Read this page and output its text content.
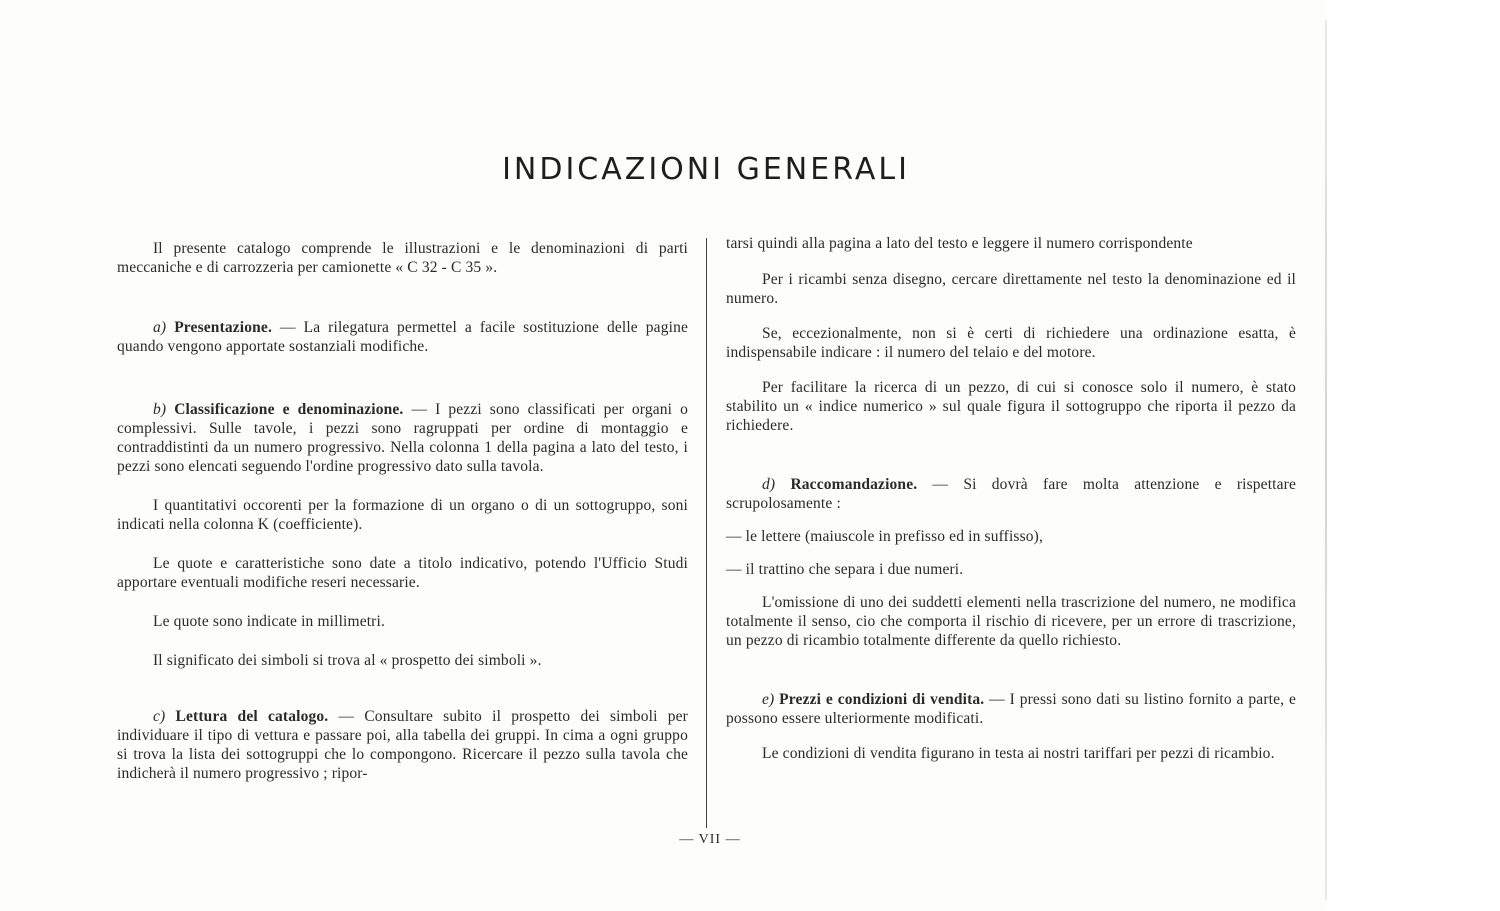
INDICAZIONI GENERALI

Il presente catalogo comprende le illustrazioni e le denominazioni di parti meccaniche e di carrozzeria per camionette « C 32 - C 35 ».

a) Presentazione. — La rilegatura permettel a facile sostituzione delle pagine quando vengono apportate sostanziali modifiche.

b) Classificazione e denominazione. — I pezzi sono classificati per organi o complessivi. Sulle tavole, i pezzi sono ragruppati per ordine di montaggio e contraddistinti da un numero progressivo. Nella colonna 1 della pagina a lato del testo, i pezzi sono elencati seguendo l'ordine progressivo dato sulla tavola.

I quantitativi occorenti per la formazione di un organo o di un sottogruppo, soni indicati nella colonna K (coefficiente).

Le quote e caratteristiche sono date a titolo indicativo, potendo l'Ufficio Studi apportare eventuali modifiche reseri necessarie.

Le quote sono indicate in millimetri.

Il significato dei simboli si trova al « prospetto dei simboli ».

c) Lettura del catalogo. — Consultare subito il prospetto dei simboli per individuare il tipo di vettura e passare poi, alla tabella dei gruppi. In cima a ogni gruppo si trova la lista dei sottogruppi che lo compongono. Ricercare il pezzo sulla tavola che indicherà il numero progressivo ; ripor-

tarsi quindi alla pagina a lato del testo e leggere il numero corrispondente

Per i ricambi senza disegno, cercare direttamente nel testo la denominazione ed il numero.

Se, eccezionalmente, non si è certi di richiedere una ordinazione esatta, è indispensabile indicare : il numero del telaio e del motore.

Per facilitare la ricerca di un pezzo, di cui si conosce solo il numero, è stato stabilito un « indice numerico » sul quale figura il sottogruppo che riporta il pezzo da richiedere.

d) Raccomandazione. — Si dovrà fare molta attenzione e rispettare scrupolosamente :

— le lettere (maiuscole in prefisso ed in suffisso),

— il trattino che separa i due numeri.

L'omissione di uno dei suddetti elementi nella trascrizione del numero, ne modifica totalmente il senso, cio che comporta il rischio di ricevere, per un errore di trascrizione, un pezzo di ricambio totalmente differente da quello richiesto.

e) Prezzi e condizioni di vendita. — I pressi sono dati su listino fornito a parte, e possono essere ulteriormente modificati.

Le condizioni di vendita figurano in testa ai nostri tariffari per pezzi di ricambio.

— VII —
